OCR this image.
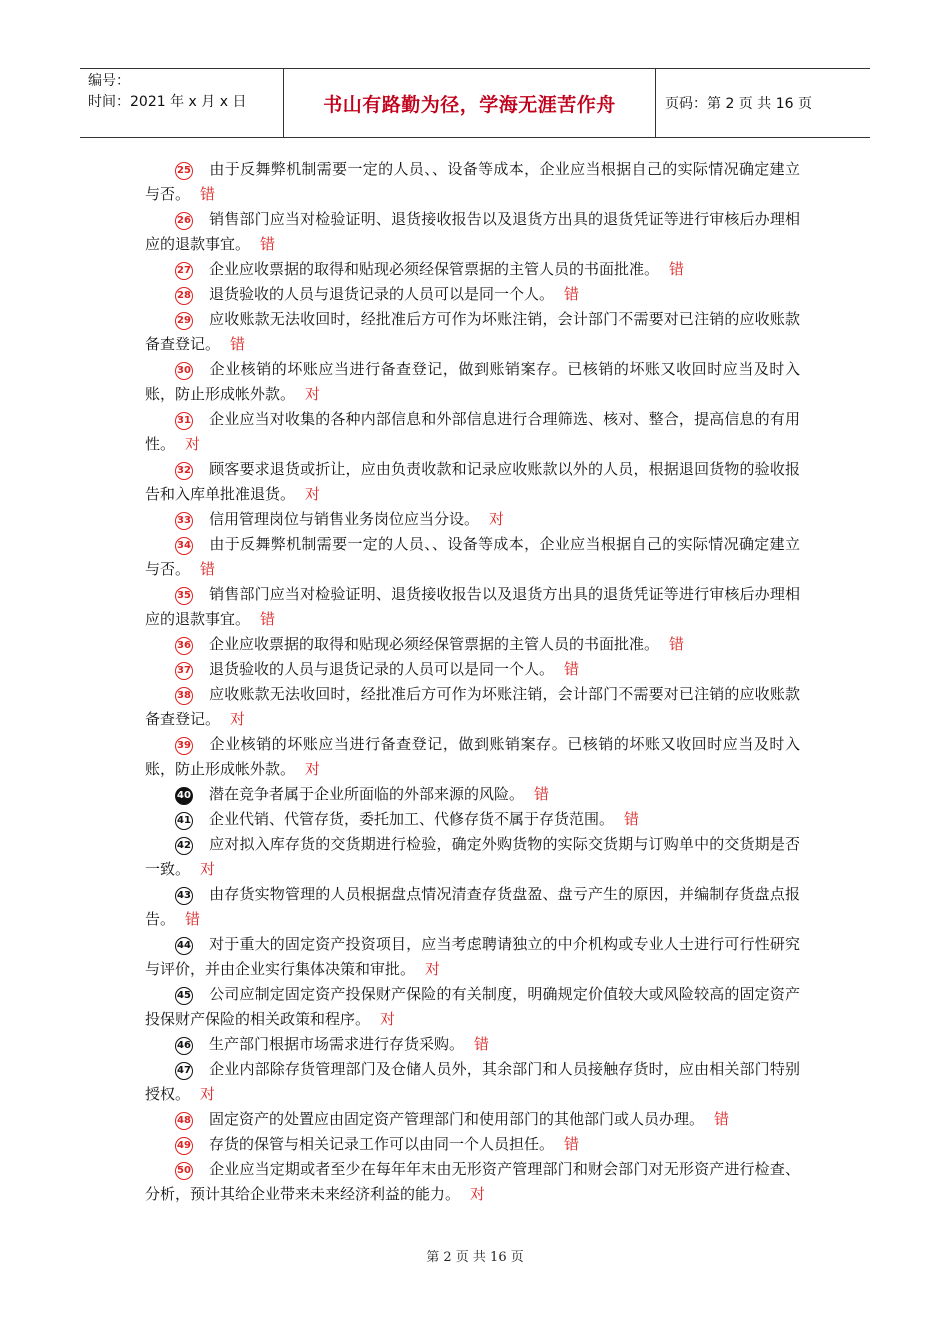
编号：
时间：2021 年 x 月 x 日	书山有路勤为径，学海无涯苦作舟	页码：第 2 页 共 16 页

25 由于反舞弊机制需要一定的人员、、设备等成本，企业应当根据自己的实际情况确定建立与否。 错

26 销售部门应当对检验证明、退货接收报告以及退货方出具的退货凭证等进行审核后办理相应的退款事宜。 错

27 企业应收票据的取得和贴现必须经保管票据的主管人员的书面批准。 错

28 退货验收的人员与退货记录的人员可以是同一个人。 错

29 应收账款无法收回时，经批准后方可作为坏账注销，会计部门不需要对已注销的应收账款备查登记。 错

30 企业核销的坏账应当进行备查登记，做到账销案存。已核销的坏账又收回时应当及时入账，防止形成帐外款。 对

31 企业应当对收集的各种内部信息和外部信息进行合理筛选、核对、整合，提高信息的有用性。 对

32 顾客要求退货或折让，应由负责收款和记录应收账款以外的人员，根据退回货物的验收报告和入库单批准退货。 对

33 信用管理岗位与销售业务岗位应当分设。 对

34 由于反舞弊机制需要一定的人员、、设备等成本，企业应当根据自己的实际情况确定建立与否。 错

35 销售部门应当对检验证明、退货接收报告以及退货方出具的退货凭证等进行审核后办理相应的退款事宜。 错

36 企业应收票据的取得和贴现必须经保管票据的主管人员的书面批准。 错

37 退货验收的人员与退货记录的人员可以是同一个人。 错

38 应收账款无法收回时，经批准后方可作为坏账注销，会计部门不需要对已注销的应收账款备查登记。 对

39 企业核销的坏账应当进行备查登记，做到账销案存。已核销的坏账又收回时应当及时入账，防止形成帐外款。 对

40 潜在竞争者属于企业所面临的外部来源的风险。 错

41 企业代销、代管存货，委托加工、代修存货不属于存货范围。 错

42 应对拟入库存货的交货期进行检验，确定外购货物的实际交货期与订购单中的交货期是否一致。 对

43 由存货实物管理的人员根据盘点情况清查存货盘盈、盘亏产生的原因，并编制存货盘点报告。 错

44 对于重大的固定资产投资项目，应当考虑聘请独立的中介机构或专业人士进行可行性研究与评价，并由企业实行集体决策和审批。 对

45 公司应制定固定资产投保财产保险的有关制度，明确规定价值较大或风险较高的固定资产投保财产保险的相关政策和程序。 对

46 生产部门根据市场需求进行存货采购。 错

47 企业内部除存货管理部门及仓储人员外，其余部门和人员接触存货时，应由相关部门特别授权。 对

48 固定资产的处置应由固定资产管理部门和使用部门的其他部门或人员办理。 错

49 存货的保管与相关记录工作可以由同一个人员担任。 错

50 企业应当定期或者至少在每年年末由无形资产管理部门和财会部门对无形资产进行检查、分析，预计其给企业带来未来经济利益的能力。 对

第 2 页 共 16 页
